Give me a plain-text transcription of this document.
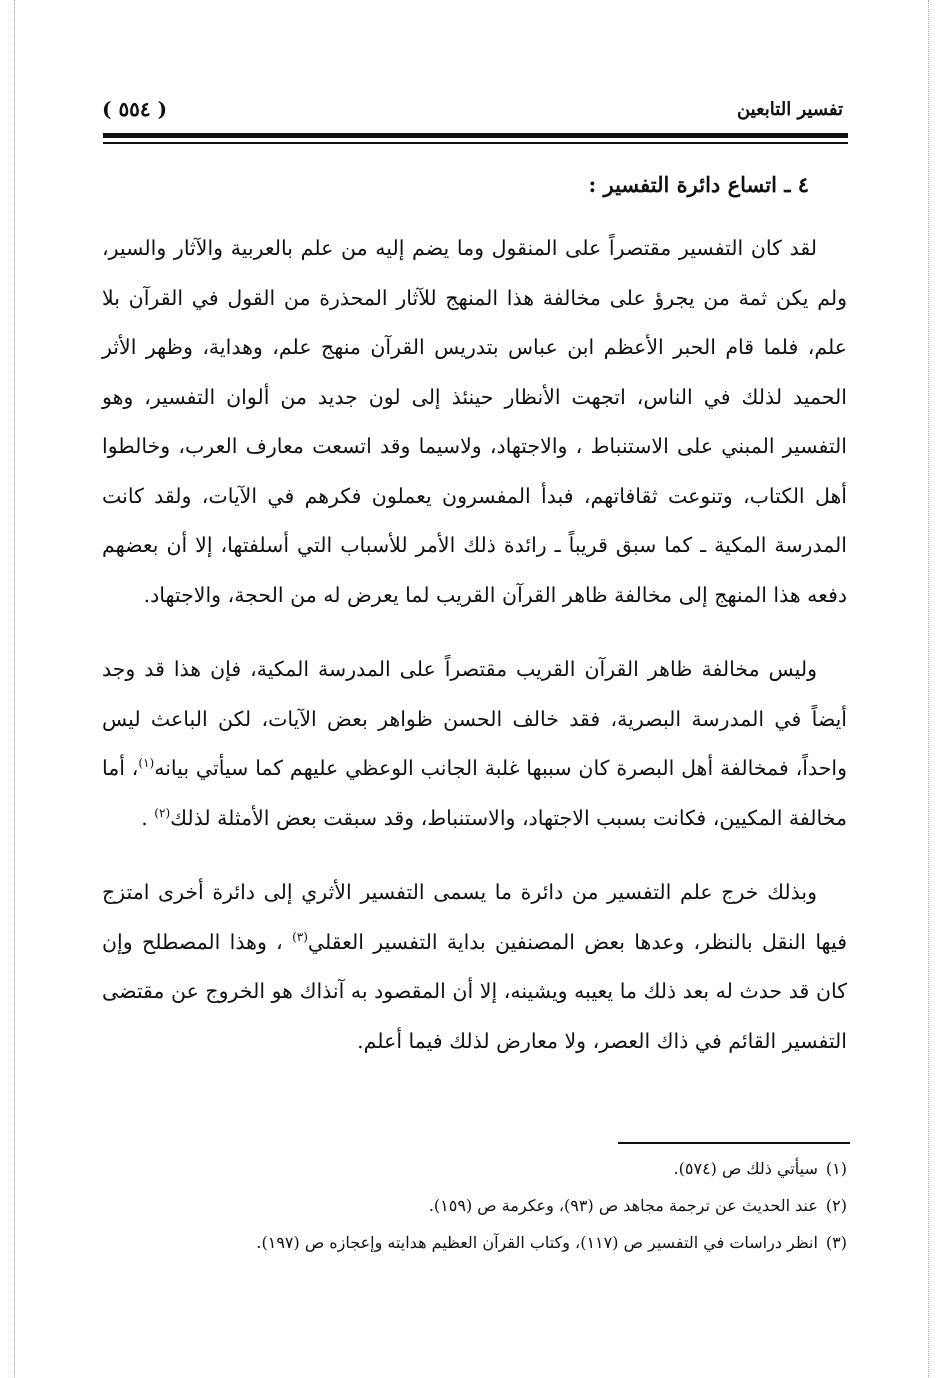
( ٥٥٤ )	تفسير التابعين
٤ ـ اتساع دائرة التفسير :

لقد كان التفسير مقتصراً على المنقول وما يضم إليه من علم بالعربية والآثار والسير، ولم يكن ثمة من يجرؤ على مخالفة هذا المنهج للآثار المحذرة من القول في القرآن بلا علم، فلما قام الحبر الأعظم ابن عباس بتدريس القرآن منهج علم، وهداية، وظهر الأثر الحميد لذلك في الناس، اتجهت الأنظار حينئذ إلى لون جديد من ألوان التفسير، وهو التفسير المبني على الاستنباط ، والاجتهاد، ولاسيما وقد اتسعت معارف العرب، وخالطوا أهل الكتاب، وتنوعت ثقافاتهم، فبدأ المفسرون يعملون فكرهم في الآيات، ولقد كانت المدرسة المكية ـ كما سبق قريباً ـ رائدة ذلك الأمر للأسباب التي أسلفتها، إلا أن بعضهم دفعه هذا المنهج إلى مخالفة ظاهر القرآن القريب لما يعرض له من الحجة، والاجتهاد.

وليس مخالفة ظاهر القرآن القريب مقتصراً على المدرسة المكية، فإن هذا قد وجد أيضاً في المدرسة البصرية، فقد خالف الحسن ظواهر بعض الآيات، لكن الباعث ليس واحداً، فمخالفة أهل البصرة كان سببها غلبة الجانب الوعظي عليهم كما سيأتي بيانه$^{(١)}$، أما مخالفة المكيين، فكانت بسبب الاجتهاد، والاستنباط، وقد سبقت بعض الأمثلة لذلك$^{(٢)}$ .

وبذلك خرج علم التفسير من دائرة ما يسمى التفسير الأثري إلى دائرة أخرى امتزج فيها النقل بالنظر، وعدها بعض المصنفين بداية التفسير العقلي$^{(٣)}$ ، وهذا المصطلح وإن كان قد حدث له بعد ذلك ما يعيبه ويشينه، إلا أن المقصود به آنذاك هو الخروج عن مقتضى التفسير القائم في ذاك العصر، ولا معارض لذلك فيما أعلم.

(١)سيأتي ذلك ص (٥٧٤).
(٢)عند الحديث عن ترجمة مجاهد ص (٩٣)، وعكرمة ص (١٥٩).
(٣)انظر دراسات في التفسير ص (١١٧)، وكتاب القرآن العظيم هدايته وإعجازه ص (١٩٧).
